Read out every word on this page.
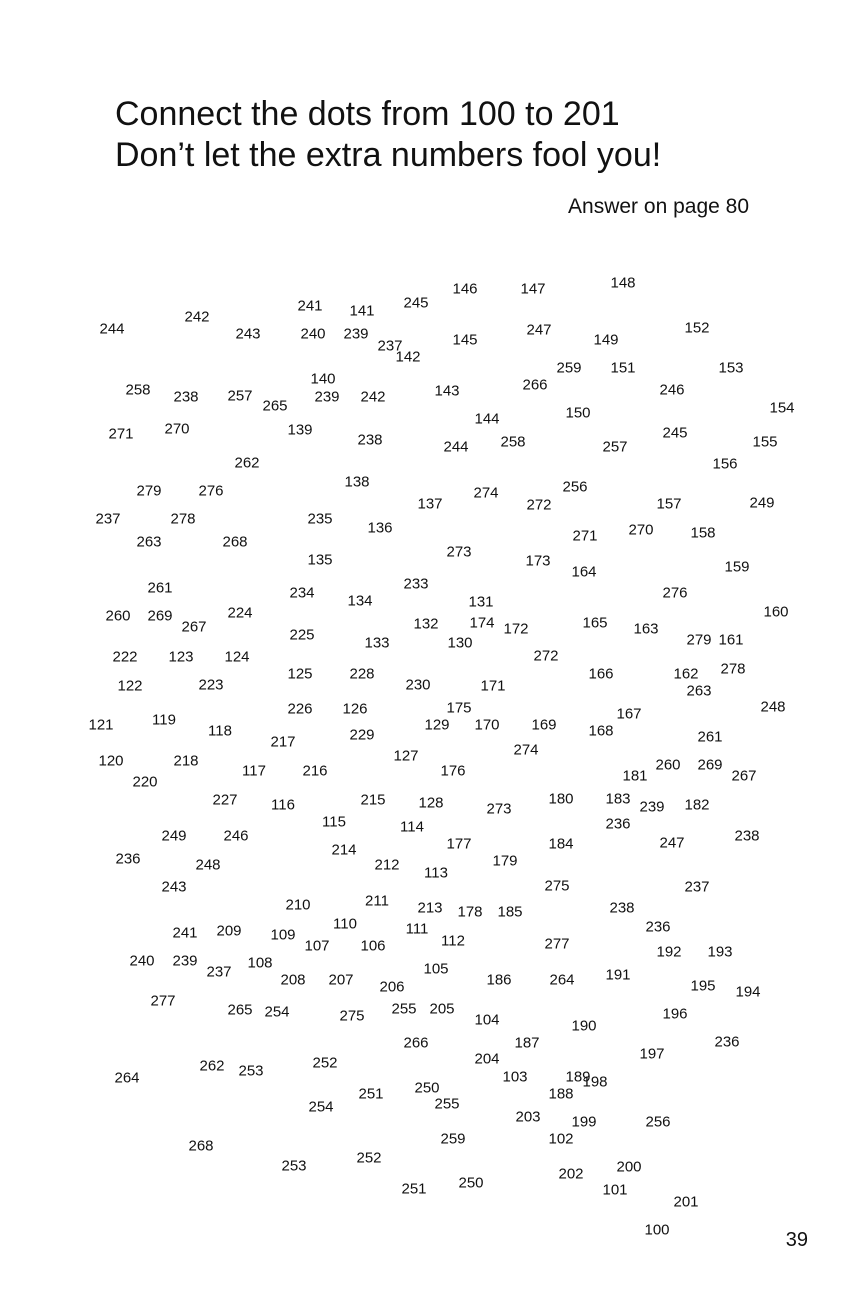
Connect the dots from 100 to 201
Don’t let the extra numbers fool you!
Answer on page 80
148
146	147
245
241 141
242
244	243	240 239
237
142
145
247
149
152
140
259 151	153
266
143
258 238 257
265
239 242	246
150	154
144
271 270	139
238	244 258	257
245
155
262	156
138
279 276	274	256
137	272
237	278	235
157	249
136	271 270 158
263	268
273
135	173
164	159
261	233
234 134	131
276
260 269
267
224
132 174 172	165 163
160
225	133	130	279 161
222 123 124	272
228
125	166	162 278
122	223	230	171	263
175
226 126	167	248
121	119
118	129 170 169 168
229
217
127	274
261
120	218
216	176	260 269
117
220	181	267
227	128
215	180 183
116	273	239 182
115	114	236
249 246	177	184	247	238
214
236	248	212	179
113
243	275	237
210	211 213 178 185	238
209
241
110	111	236
109
107 106	112	277	192 193
240 239	108
237	208 207
105
206	186	264 191
277
195 194
265 254	275 255 205
104	196
190
266	187	236
252	204	197
262 253
264	103	189
198
250
251	188
254	255
203 199	256
259	102
268
252
253	200
202
250
251	101
201
100	39
